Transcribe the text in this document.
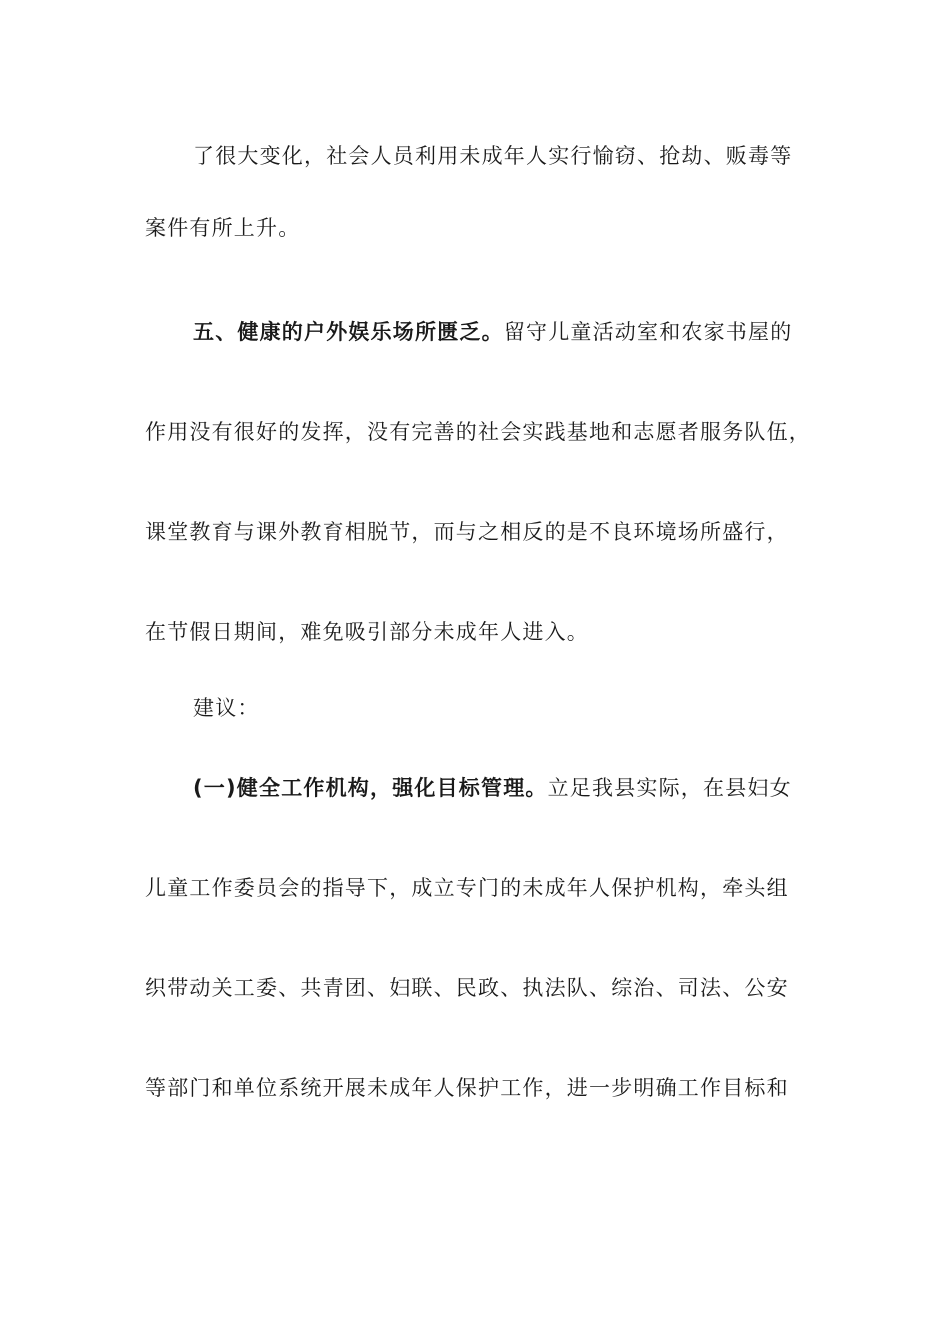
了很大变化，社会人员利用未成年人实行愉窃、抢劫、贩毒等
案件有所上升。
五、健康的户外娱乐场所匮乏。留守儿童活动室和农家书屋的
作用没有很好的发挥，没有完善的社会实践基地和志愿者服务队伍，
课堂教育与课外教育相脱节，而与之相反的是不良环境场所盛行，
在节假日期间，难免吸引部分未成年人进入。
建议：
(一)健全工作机构，强化目标管理。立足我县实际，在县妇女
儿童工作委员会的指导下，成立专门的未成年人保护机构，牵头组
织带动关工委、共青团、妇联、民政、执法队、综治、司法、公安
等部门和单位系统开展未成年人保护工作，进一步明确工作目标和
